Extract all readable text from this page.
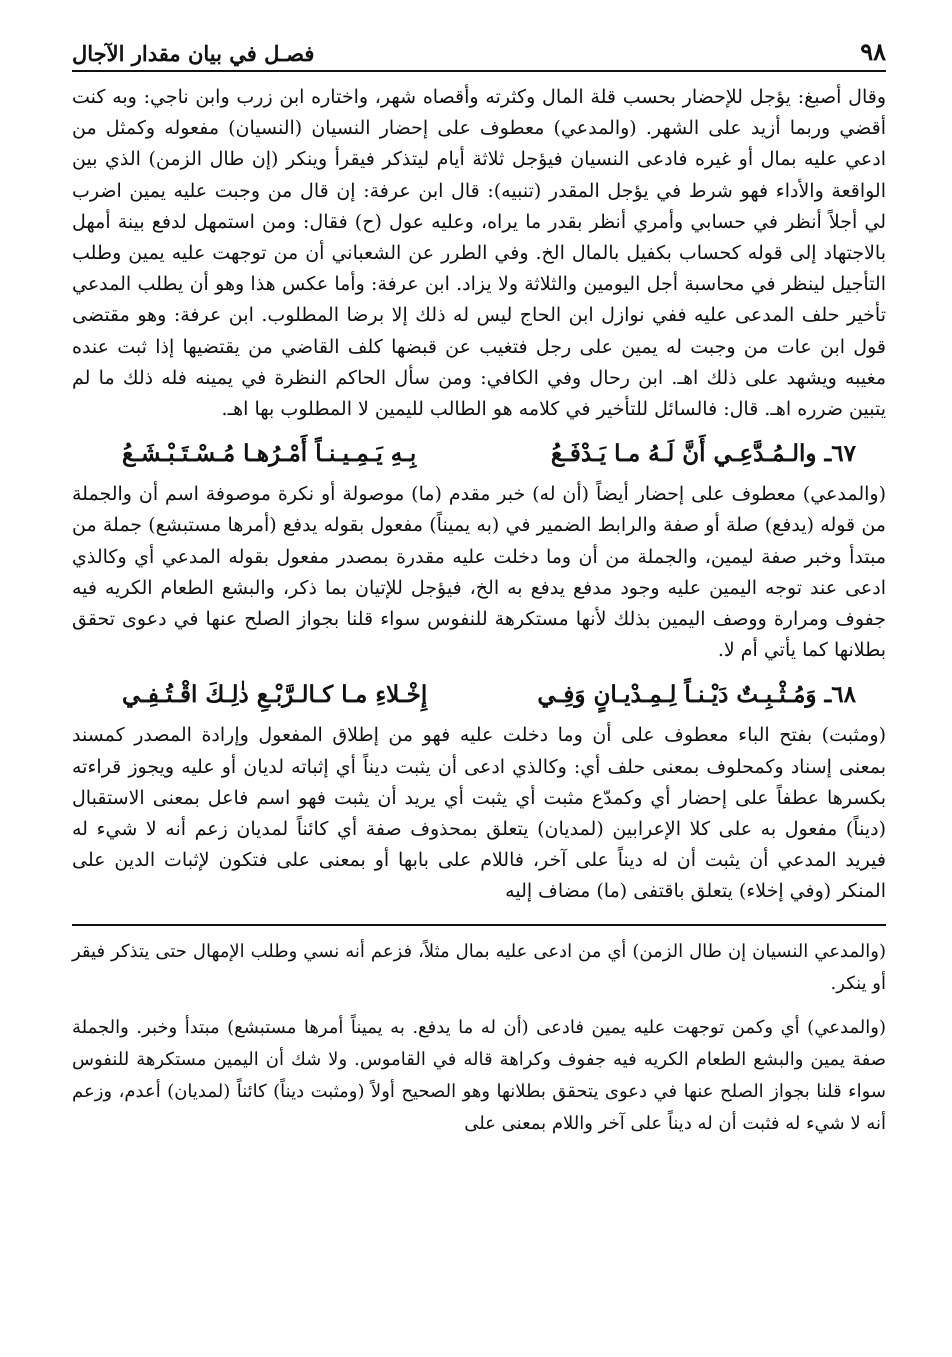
فصـل في بيان مقدار الآجال	٩٨

وقال أصبغ: يؤجل للإحضار بحسب قلة المال وكثرته وأقصاه شهر، واختاره ابن زرب وابن ناجي: وبه كنت أقضي وربما أزيد على الشهر. (والمدعي) معطوف على إحضار النسيان (النسيان) مفعوله وكمثل من ادعي عليه بمال أو غيره فادعى النسيان فيؤجل ثلاثة أيام ليتذكر فيقرأ وينكر (إن طال الزمن) الذي بين الواقعة والأداء فهو شرط في يؤجل المقدر (تنبيه): قال ابن عرفة: إن قال من وجبت عليه يمين اضرب لي أجلاً أنظر في حسابي وأمري أنظر بقدر ما يراه، وعليه عول (ح) فقال: ومن استمهل لدفع بينة أمهل بالاجتهاد إلى قوله كحساب بكفيل بالمال الخ. وفي الطرر عن الشعباني أن من توجهت عليه يمين وطلب التأجيل لينظر في محاسبة أجل اليومين والثلاثة ولا يزاد. ابن عرفة: وأما عكس هذا وهو أن يطلب المدعي تأخير حلف المدعى عليه ففي نوازل ابن الحاج ليس له ذلك إلا برضا المطلوب. ابن عرفة: وهو مقتضى قول ابن عات من وجبت له يمين على رجل فتغيب عن قبضها كلف القاضي من يقتضيها إذا ثبت عنده مغيبه ويشهد على ذلك اهـ. ابن رحال وفي الكافي: ومن سأل الحاكم النظرة في يمينه فله ذلك ما لم يتبين ضرره اهـ. قال: فالسائل للتأخير في كلامه هو الطالب لليمين لا المطلوب بها اهـ.

٦٧ـ والـمُـدَّعِـي أَنَّ لَـهُ مـا يَـدْفَـعُ
بِـهِ يَـمِـيـنـاً أَمْـرُهـا مُـسْـتَـبْـشَـعُ

(والمدعي) معطوف على إحضار أيضاً (أن له) خبر مقدم (ما) موصولة أو نكرة موصوفة اسم أن والجملة من قوله (يدفع) صلة أو صفة والرابط الضمير في (به يميناً) مفعول بقوله يدفع (أمرها مستبشع) جملة من مبتدأ وخبر صفة ليمين، والجملة من أن وما دخلت عليه مقدرة بمصدر مفعول بقوله المدعي أي وكالذي ادعى عند توجه اليمين عليه وجود مدفع يدفع به الخ، فيؤجل للإتيان بما ذكر، والبشع الطعام الكريه فيه جفوف ومرارة ووصف اليمين بذلك لأنها مستكرهة للنفوس سواء قلنا بجواز الصلح عنها في دعوى تحقق بطلانها كما يأتي أم لا.

٦٨ـ وَمُـثْـبِـتٌ دَيْـنـاً لِـمِـدْيـانٍ وَفِـي
إِخْـلاءِ مـا كـالـرَّبْـعِ ذٰلِـكَ اقْـتُـفِـي

(ومثبت) بفتح الباء معطوف على أن وما دخلت عليه فهو من إطلاق المفعول وإرادة المصدر كمسند بمعنى إسناد وكمحلوف بمعنى حلف أي: وكالذي ادعى أن يثبت ديناً أي إثباته لديان أو عليه ويجوز قراءته بكسرها عطفاً على إحضار أي وكمدّع مثبت أي يثبت أي يريد أن يثبت فهو اسم فاعل بمعنى الاستقبال (ديناً) مفعول به على كلا الإعرابين (لمديان) يتعلق بمحذوف صفة أي كائناً لمديان زعم أنه لا شيء له فيريد المدعي أن يثبت أن له ديناً على آخر، فاللام على بابها أو بمعنى على فتكون لإثبات الدين على المنكر (وفي إخلاء) يتعلق باقتفى (ما) مضاف إليه

(والمدعي النسيان إن طال الزمن) أي من ادعى عليه بمال مثلاً، فزعم أنه نسي وطلب الإمهال حتى يتذكر فيقر أو ينكر.

(والمدعي) أي وكمن توجهت عليه يمين فادعى (أن له ما يدفع. به يميناً أمرها مستبشع) مبتدأ وخبر. والجملة صفة يمين والبشع الطعام الكريه فيه جفوف وكراهة قاله في القاموس. ولا شك أن اليمين مستكرهة للنفوس سواء قلنا بجواز الصلح عنها في دعوى يتحقق بطلانها وهو الصحيح أولاً (ومثبت ديناً) كائناً (لمديان) أعدم، وزعم أنه لا شيء له فثبت أن له ديناً على آخر واللام بمعنى على
